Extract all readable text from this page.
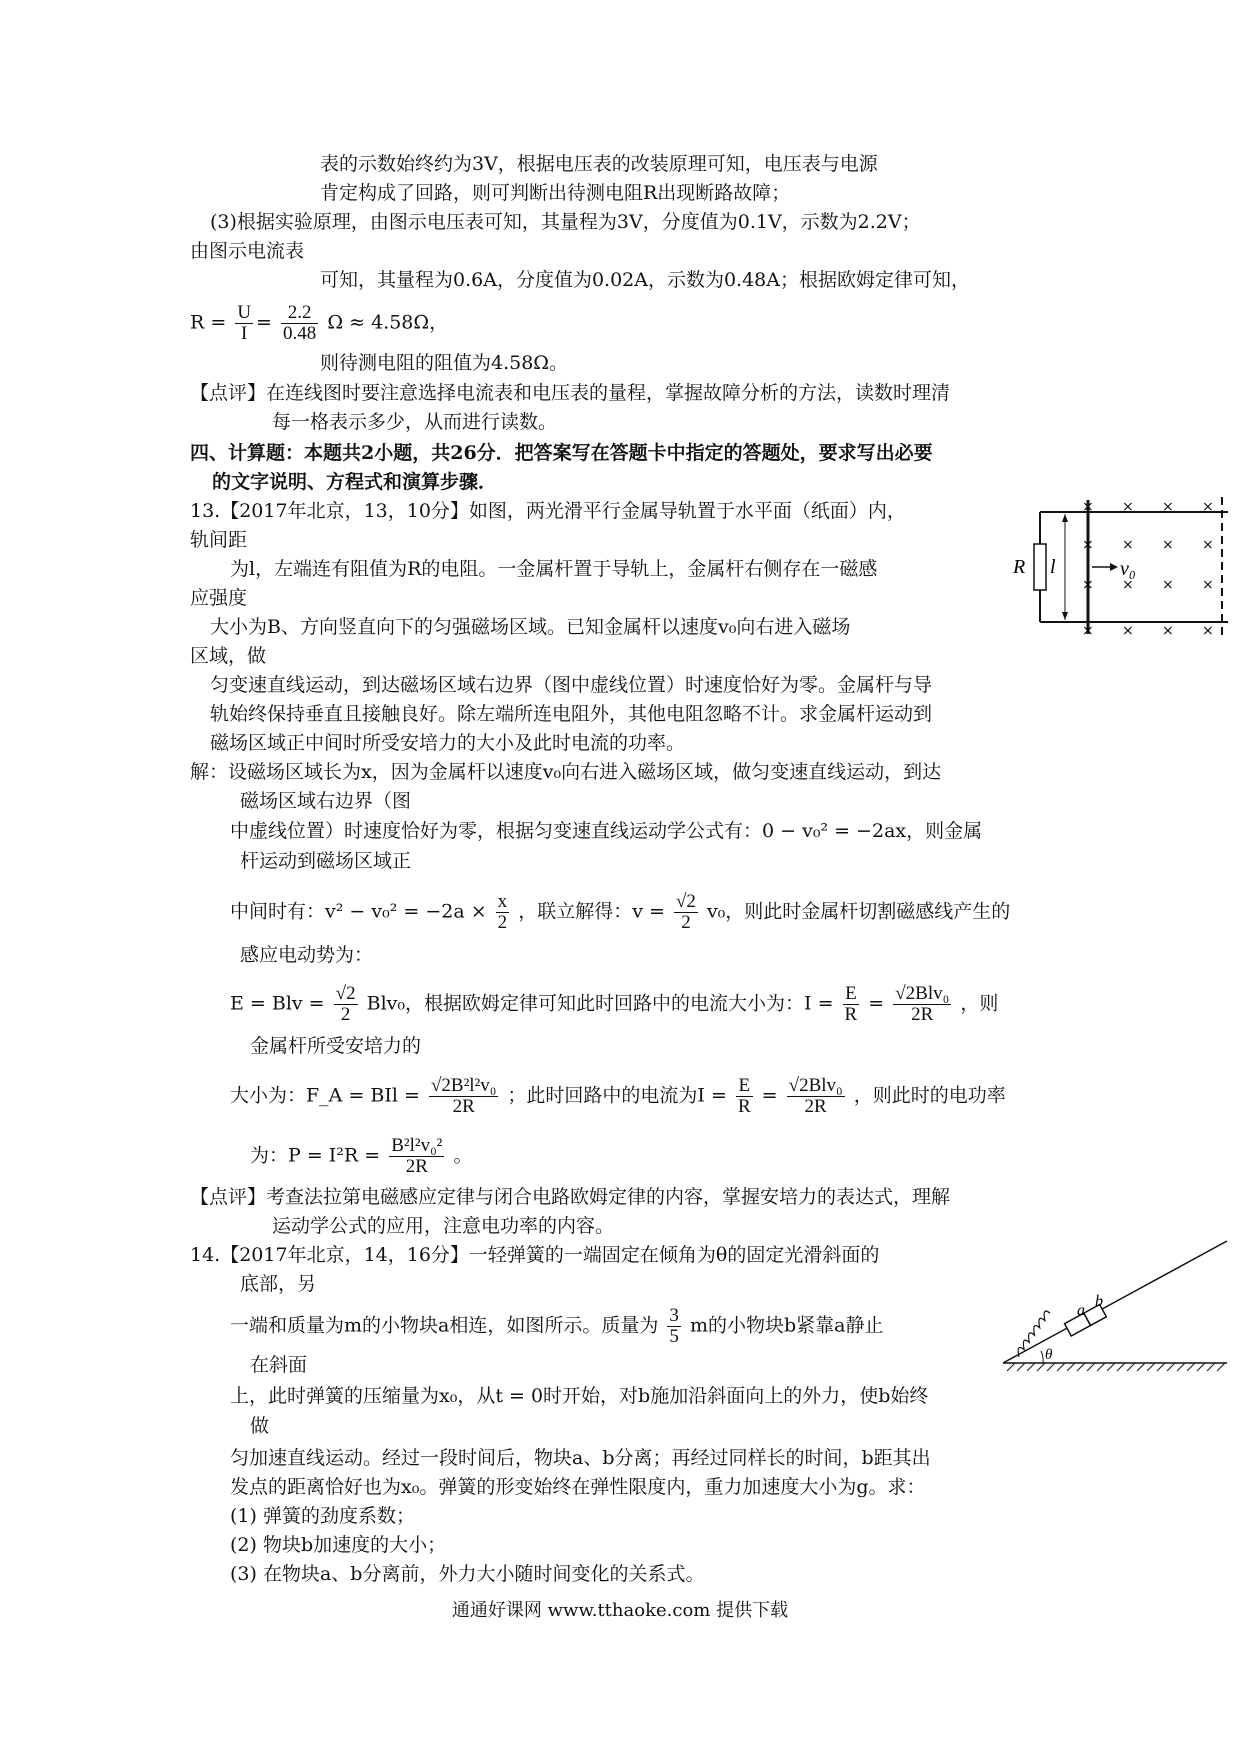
表的示数始终约为3V，根据电压表的改装原理可知，电压表与电源
肯定构成了回路，则可判断出待测电阻R出现断路故障；
(3)根据实验原理，由图示电压表可知，其量程为3V，分度值为0.1V，示数为2.2V；
由图示电流表
可知，其量程为0.6A，分度值为0.02A，示数为0.48A；根据欧姆定律可知，
$R = \frac{U}{I} = \frac{2.2}{0.48}$ Ω ≈ 4.58Ω，
则待测电阻的阻值为4.58Ω。
【点评】在连线图时要注意选择电流表和电压表的量程，掌握故障分析的方法，读数时理清
每一格表示多少，从而进行读数。
四、计算题：本题共2小题，共26分．把答案写在答题卡中指定的答题处，要求写出必要
的文字说明、方程式和演算步骤．
13.【2017年北京，13，10分】如图，两光滑平行金属导轨置于水平面（纸面）内，
轨间距
为l，左端连有阻值为R的电阻。一金属杆置于导轨上，金属杆右侧存在一磁感
应强度
大小为B、方向竖直向下的匀强磁场区域。已知金属杆以速度v₀向右进入磁场
区域，做
匀变速直线运动，到达磁场区域右边界（图中虚线位置）时速度恰好为零。金属杆与导
轨始终保持垂直且接触良好。除左端所连电阻外，其他电阻忽略不计。求金属杆运动到
磁场区域正中间时所受安培力的大小及此时电流的功率。
R l	v₀
× × ×
× × ×
× × ×
× × ×
×
×
×
×
解：设磁场区域长为x，因为金属杆以速度v₀向右进入磁场区域，做匀变速直线运动，到达
磁场区域右边界（图
中虚线位置）时速度恰好为零，根据匀变速直线运动学公式有：0 − v₀² = −2ax，则金属
杆运动到磁场区域正
中间时有：$v^2 - v_0^2 = -2a \times \frac{x}{2}$ ，联立解得：$v = \frac{√2}{2} v_0$，则此时金属杆切割磁感线产生的
感应电动势为：
E = Blv = $\frac{√2}{2} Blv_0$，根据欧姆定律可知此时回路中的电流大小为：$I = \frac{E}{R} = \frac{\text{√2Blv₀}}{2R}$ ，则
金属杆所受安培力的
大小为：F_A = BIl = $\frac{\text{√2B²l²v₀}}{2R}$ ；此时回路中的电流为$I = \frac{E}{R} = \frac{\text{√2Blv₀}}{2R}$ ，则此时的电功率
为：$P = I^2R = \frac{\text{B²l²v₀²}}{2R}$ 。
【点评】考查法拉第电磁感应定律与闭合电路欧姆定律的内容，掌握安培力的表达式，理解
运动学公式的应用，注意电功率的内容。
14.【2017年北京，14，16分】一轻弹簧的一端固定在倾角为θ的固定光滑斜面的
底部，另
一端和质量为m的小物块a相连，如图所示。质量为 $\frac{3}{5}$ m的小物块b紧靠a静止
在斜面
上，此时弹簧的压缩量为x₀，从t = 0时开始，对b施加沿斜面向上的外力，使b始终
做
匀加速直线运动。经过一段时间后，物块a、b分离；再经过同样长的时间，b距其出
发点的距离恰好也为x₀。弹簧的形变始终在弹性限度内，重力加速度大小为g。求：
(1) 弹簧的劲度系数；
(2) 物块b加速度的大小；
(3) 在物块a、b分离前，外力大小随时间变化的关系式。
a
b
θ
通通好课网 www.tthaoke.com 提供下载
